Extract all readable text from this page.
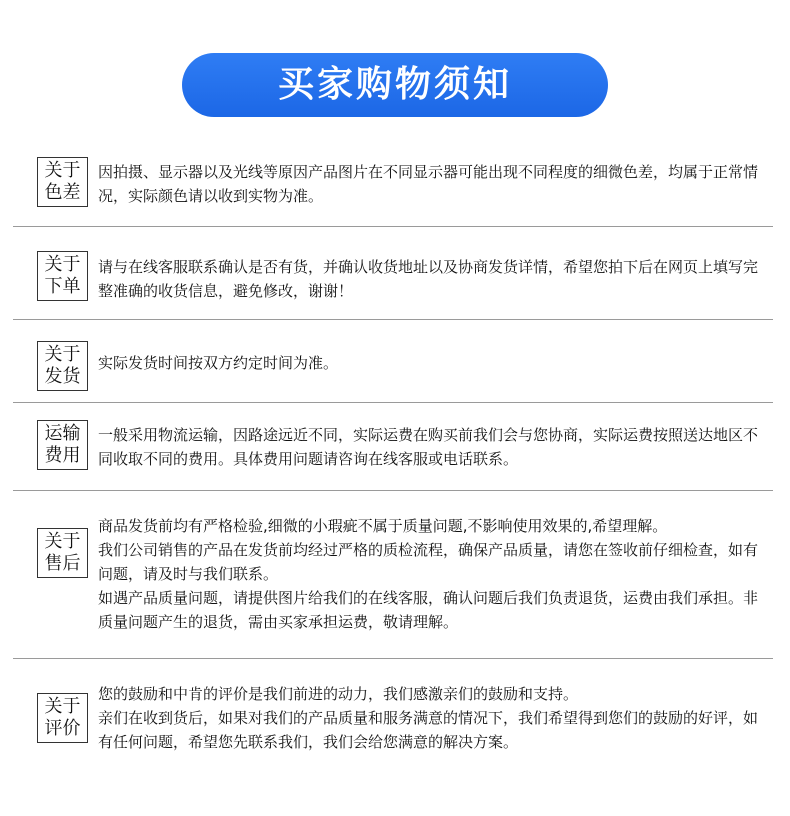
买家购物须知
关于
色差
因拍摄、显示器以及光线等原因产品图片在不同显示器可能出现不同程度的细微色差，均属于正常情况，实际颜色请以收到实物为准。
关于
下单
请与在线客服联系确认是否有货，并确认收货地址以及协商发货详情，希望您拍下后在网页上填写完整准确的收货信息，避免修改，谢谢！
关于
发货
实际发货时间按双方约定时间为准。
运输
费用
一般采用物流运输，因路途远近不同，实际运费在购买前我们会与您协商，实际运费按照送达地区不同收取不同的费用。具体费用问题请咨询在线客服或电话联系。
关于
售后
商品发货前均有严格检验,细微的小瑕疵不属于质量问题,不影响使用效果的,希望理解。
我们公司销售的产品在发货前均经过严格的质检流程，确保产品质量，请您在签收前仔细检查，如有问题，请及时与我们联系。
如遇产品质量问题，请提供图片给我们的在线客服，确认问题后我们负责退货，运费由我们承担。非质量问题产生的退货，需由买家承担运费，敬请理解。
关于
评价
您的鼓励和中肯的评价是我们前进的动力，我们感激亲们的鼓励和支持。
亲们在收到货后，如果对我们的产品质量和服务满意的情况下，我们希望得到您们的鼓励的好评，如有任何问题，希望您先联系我们，我们会给您满意的解决方案。
